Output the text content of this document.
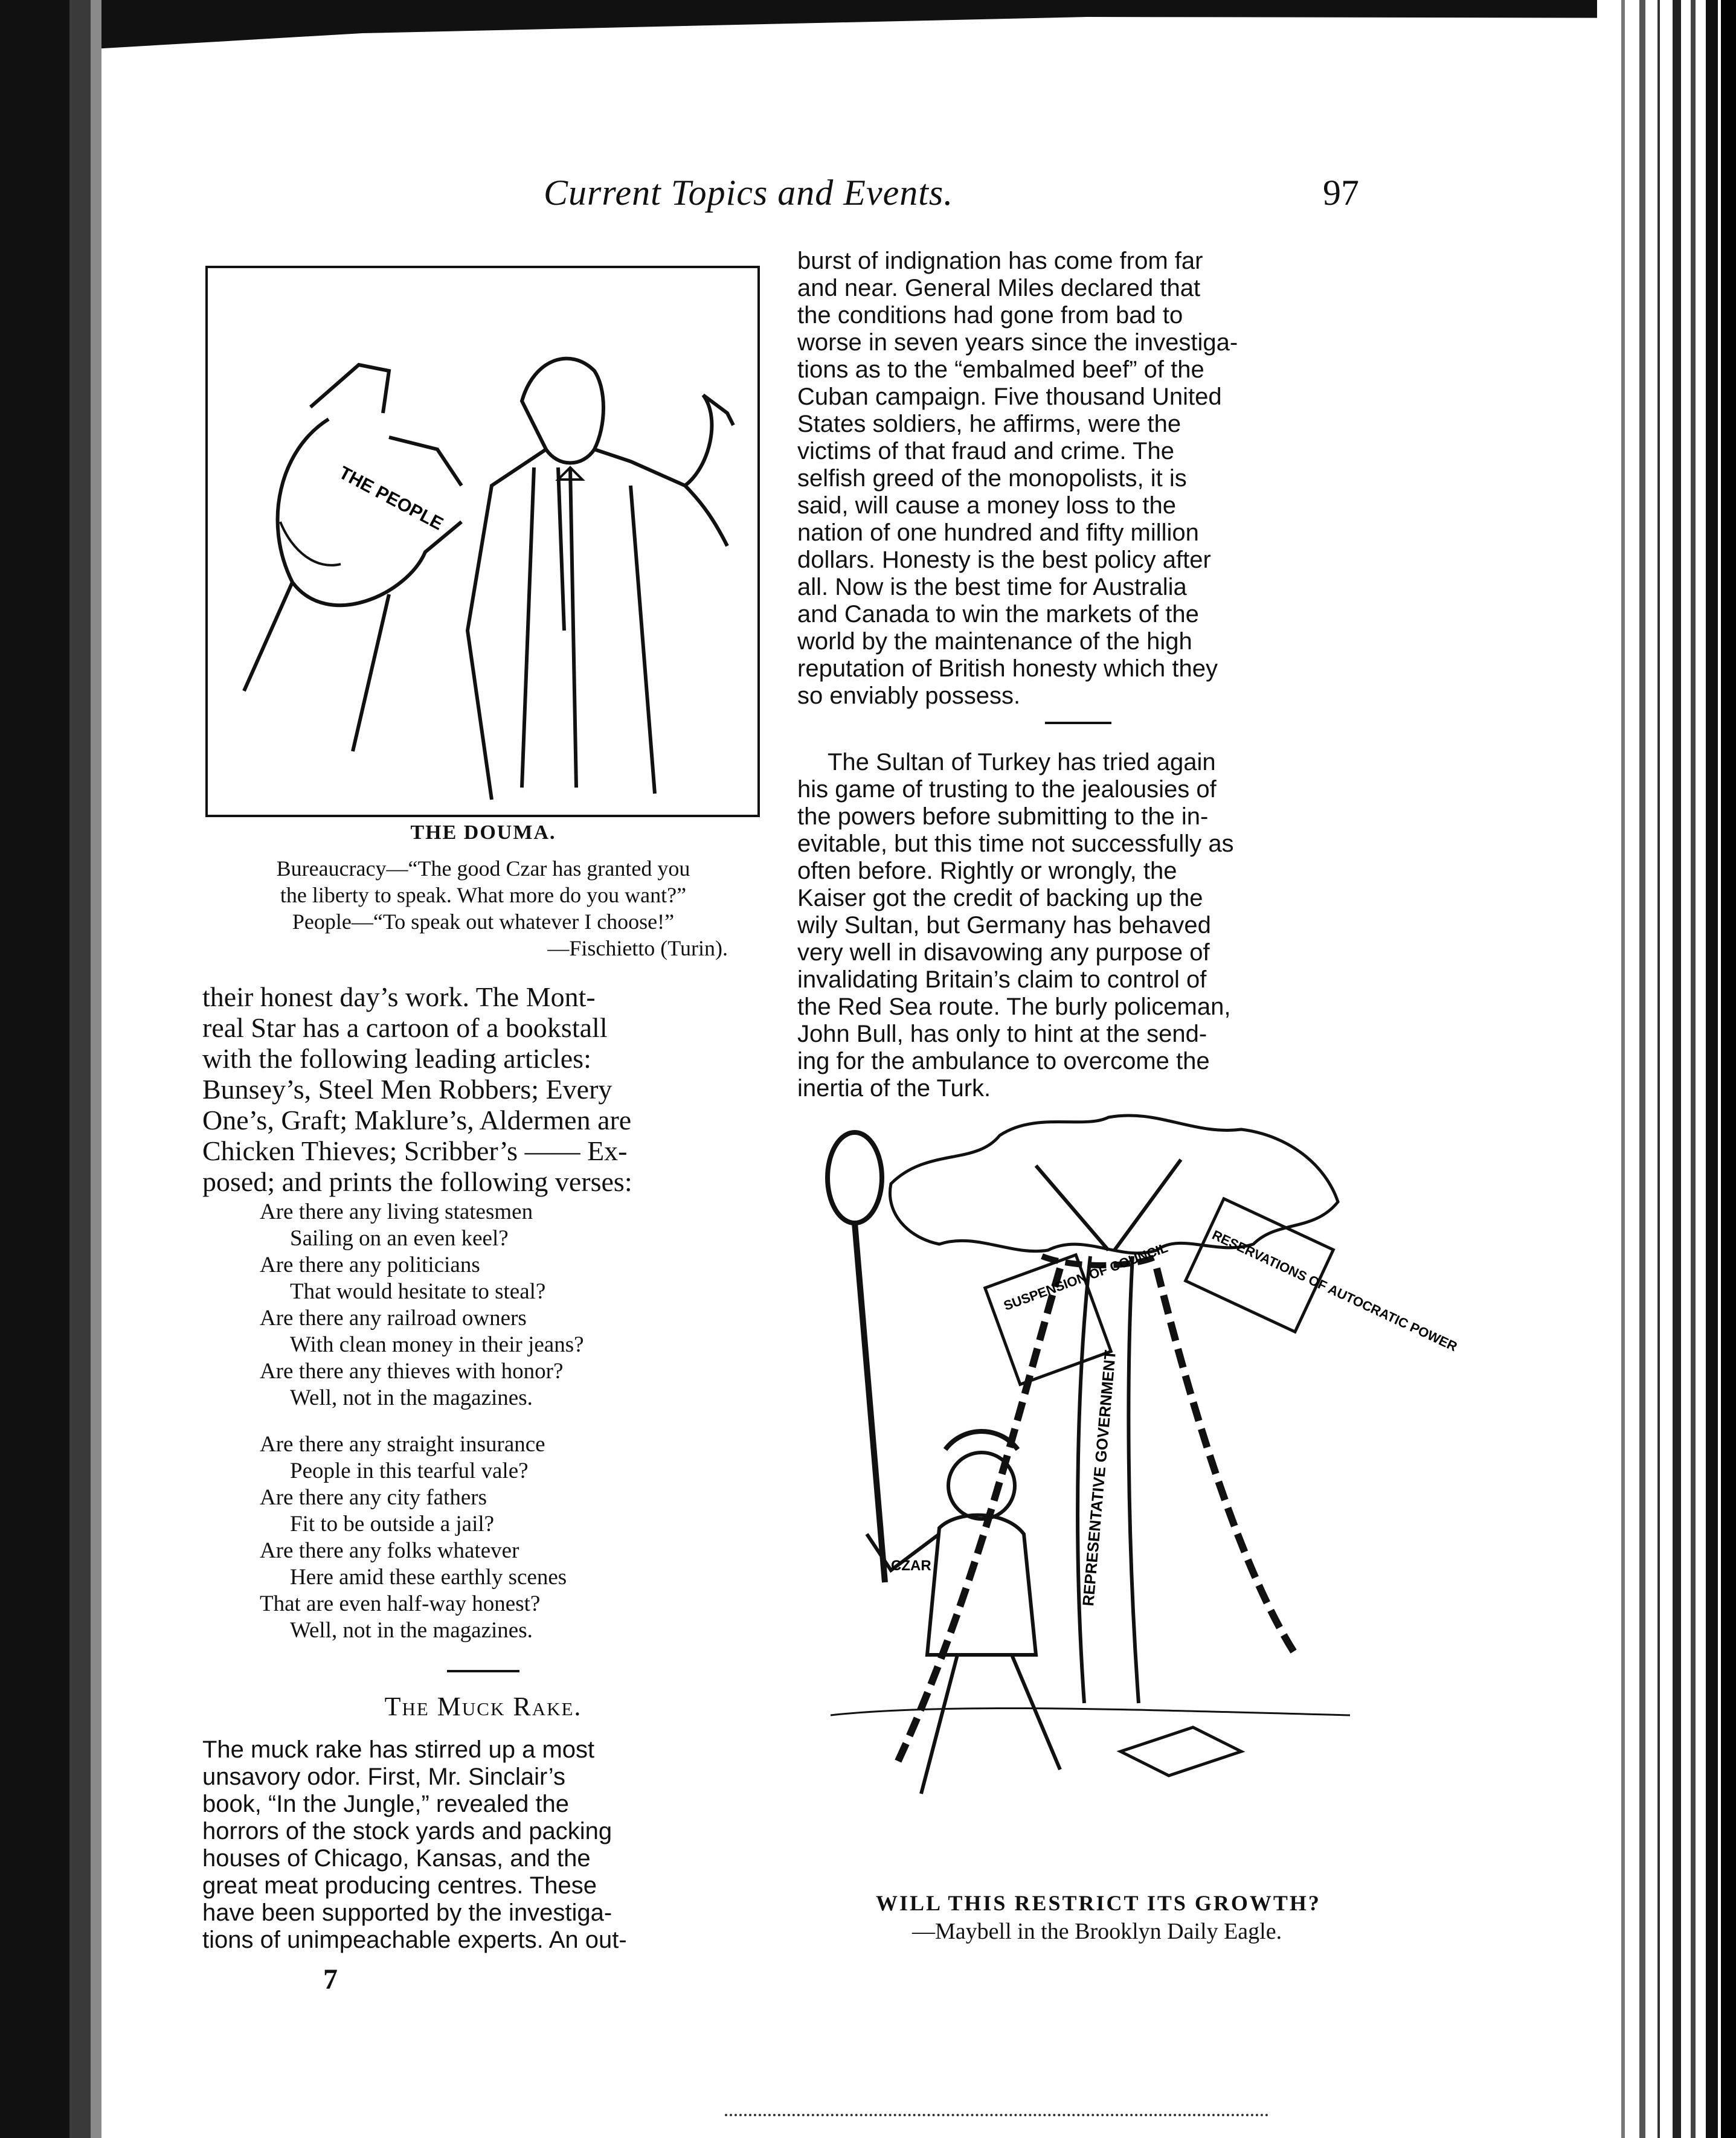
Current Topics and Events.	97
THE PEOPLE
THE DOUMA.
Bureaucracy—“The good Czar has granted you
the liberty to speak. What more do you want?”
People—“To speak out whatever I choose!”
—Fischietto (Turin).

their honest day’s work. The Mont-

real Star has a cartoon of a bookstall

with the following leading articles:

Bunsey’s, Steel Men Robbers; Every

One’s, Graft; Maklure’s, Aldermen are

Chicken Thieves; Scribber’s —— Ex-

posed; and prints the following verses:

Are there any living statesmen
Sailing on an even keel?
Are there any politicians
That would hesitate to steal?
Are there any railroad owners
With clean money in their jeans?
Are there any thieves with honor?
Well, not in the magazines.
Are there any straight insurance
People in this tearful vale?
Are there any city fathers
Fit to be outside a jail?
Are there any folks whatever
Here amid these earthly scenes
That are even half-way honest?
Well, not in the magazines.
The Muck Rake.

The muck rake has stirred up a most

unsavory odor. First, Mr. Sinclair’s

book, “In the Jungle,” revealed the

horrors of the stock yards and packing

houses of Chicago, Kansas, and the

great meat producing centres. These

have been supported by the investiga-

tions of unimpeachable experts. An out-

7

burst of indignation has come from far

and near. General Miles declared that

the conditions had gone from bad to

worse in seven years since the investiga-

tions as to the “embalmed beef” of the

Cuban campaign. Five thousand United

States soldiers, he affirms, were the

victims of that fraud and crime. The

selfish greed of the monopolists, it is

said, will cause a money loss to the

nation of one hundred and fifty million

dollars. Honesty is the best policy after

all. Now is the best time for Australia

and Canada to win the markets of the

world by the maintenance of the high

reputation of British honesty which they

so enviably possess.

The Sultan of Turkey has tried again

his game of trusting to the jealousies of

the powers before submitting to the in-

evitable, but this time not successfully as

often before. Rightly or wrongly, the

Kaiser got the credit of backing up the

wily Sultan, but Germany has behaved

very well in disavowing any purpose of

invalidating Britain’s claim to control of

the Red Sea route. The burly policeman,

John Bull, has only to hint at the send-

ing for the ambulance to overcome the

inertia of the Turk.

REPRESENTATIVE GOVERNMENT
RESERVATIONS OF AUTOCRATIC POWER
SUSPENSION OF COUNCIL
CZAR
WILL THIS RESTRICT ITS GROWTH?
—Maybell in the Brooklyn Daily Eagle.
